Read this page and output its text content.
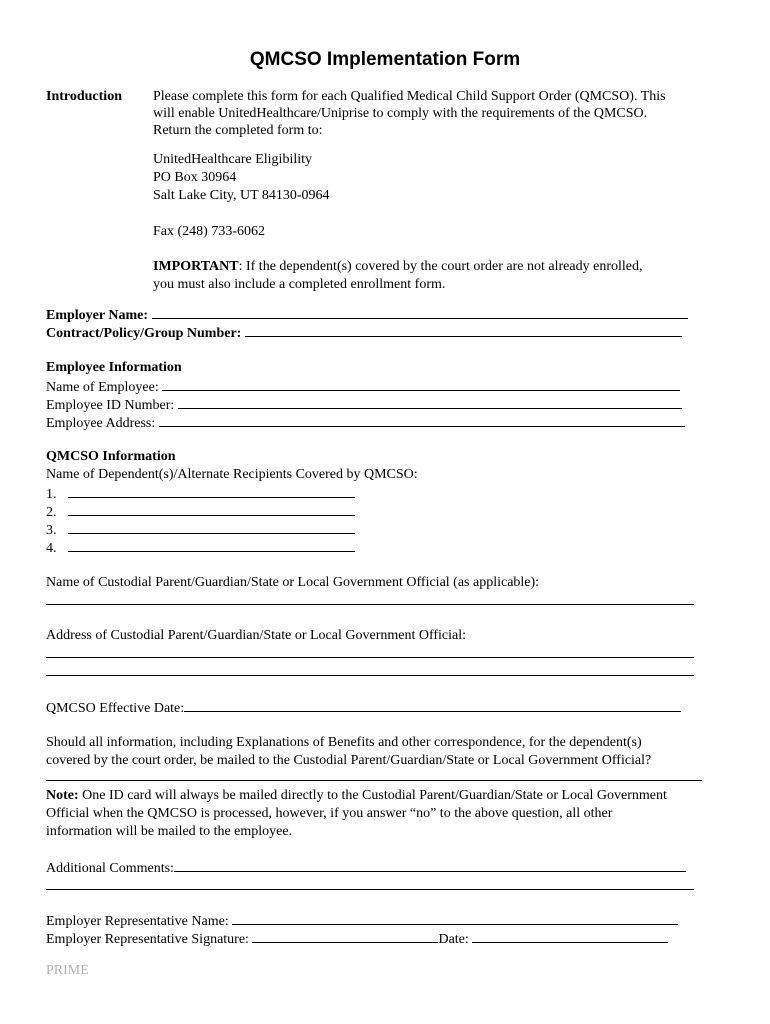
QMCSO Implementation Form
Introduction Please complete this form for each Qualified Medical Child Support Order (QMCSO). This
will enable UnitedHealthcare/Uniprise to comply with the requirements of the QMCSO.
Return the completed form to:
UnitedHealthcare Eligibility
PO Box 30964
Salt Lake City, UT 84130-0964
Fax (248) 733-6062
IMPORTANT: If the dependent(s) covered by the court order are not already enrolled,
you must also include a completed enrollment form.
Employer Name:
Contract/Policy/Group Number:
Employee Information
Name of Employee:
Employee ID Number:
Employee Address:
QMCSO Information
Name of Dependent(s)/Alternate Recipients Covered by QMCSO:
1.
2.
3.
4.
Name of Custodial Parent/Guardian/State or Local Government Official (as applicable):
Address of Custodial Parent/Guardian/State or Local Government Official:
QMCSO Effective Date:
Should all information, including Explanations of Benefits and other correspondence, for the dependent(s)
covered by the court order, be mailed to the Custodial Parent/Guardian/State or Local Government Official?
Note: One ID card will always be mailed directly to the Custodial Parent/Guardian/State or Local Government
Official when the QMCSO is processed, however, if you answer “no” to the above question, all other
information will be mailed to the employee.
Additional Comments:
Employer Representative Name:
Employer Representative Signature:	Date:
PRIME
